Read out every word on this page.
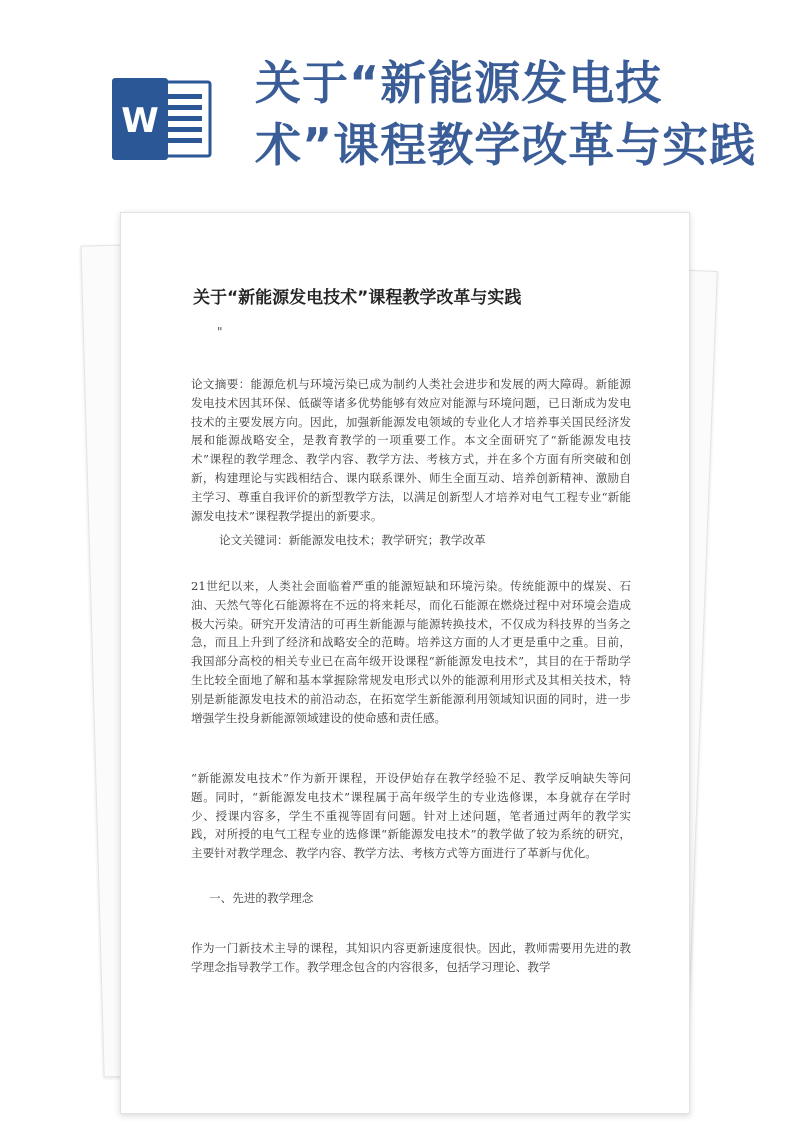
W
关于“新能源发电技术”课程教学改革与实践
关于“新能源发电技术”课程教学改革与实践
"

论文摘要：能源危机与环境污染已成为制约人类社会进步和发展的两大障碍。新能源发电技术因其环保、低碳等诸多优势能够有效应对能源与环境问题，已日渐成为发电技术的主要发展方向。因此，加强新能源发电领域的专业化人才培养事关国民经济发展和能源战略安全，是教育教学的一项重要工作。本文全面研究了“新能源发电技术”课程的教学理念、教学内容、教学方法、考核方式，并在多个方面有所突破和创新，构建理论与实践相结合、课内联系课外、师生全面互动、培养创新精神、激励自主学习、尊重自我评价的新型教学方法，以满足创新型人才培养对电气工程专业“新能源发电技术”课程教学提出的新要求。

论文关键词：新能源发电技术；教学研究；教学改革

21世纪以来，人类社会面临着严重的能源短缺和环境污染。传统能源中的煤炭、石油、天然气等化石能源将在不远的将来耗尽，而化石能源在燃烧过程中对环境会造成极大污染。研究开发清洁的可再生新能源与能源转换技术，不仅成为科技界的当务之急，而且上升到了经济和战略安全的范畴。培养这方面的人才更是重中之重。目前，我国部分高校的相关专业已在高年级开设课程“新能源发电技术”，其目的在于帮助学生比较全面地了解和基本掌握除常规发电形式以外的能源利用形式及其相关技术，特别是新能源发电技术的前沿动态，在拓宽学生新能源利用领域知识面的同时，进一步增强学生投身新能源领域建设的使命感和责任感。

“新能源发电技术”作为新开课程，开设伊始存在教学经验不足、教学反响缺失等问题。同时，“新能源发电技术”课程属于高年级学生的专业选修课，本身就存在学时少、授课内容多，学生不重视等固有问题。针对上述问题，笔者通过两年的教学实践，对所授的电气工程专业的选修课“新能源发电技术”的教学做了较为系统的研究，主要针对教学理念、教学内容、教学方法、考核方式等方面进行了革新与优化。

一、先进的教学理念

作为一门新技术主导的课程，其知识内容更新速度很快。因此，教师需要用先进的教学理念指导教学工作。教学理念包含的内容很多，包括学习理论、教学
